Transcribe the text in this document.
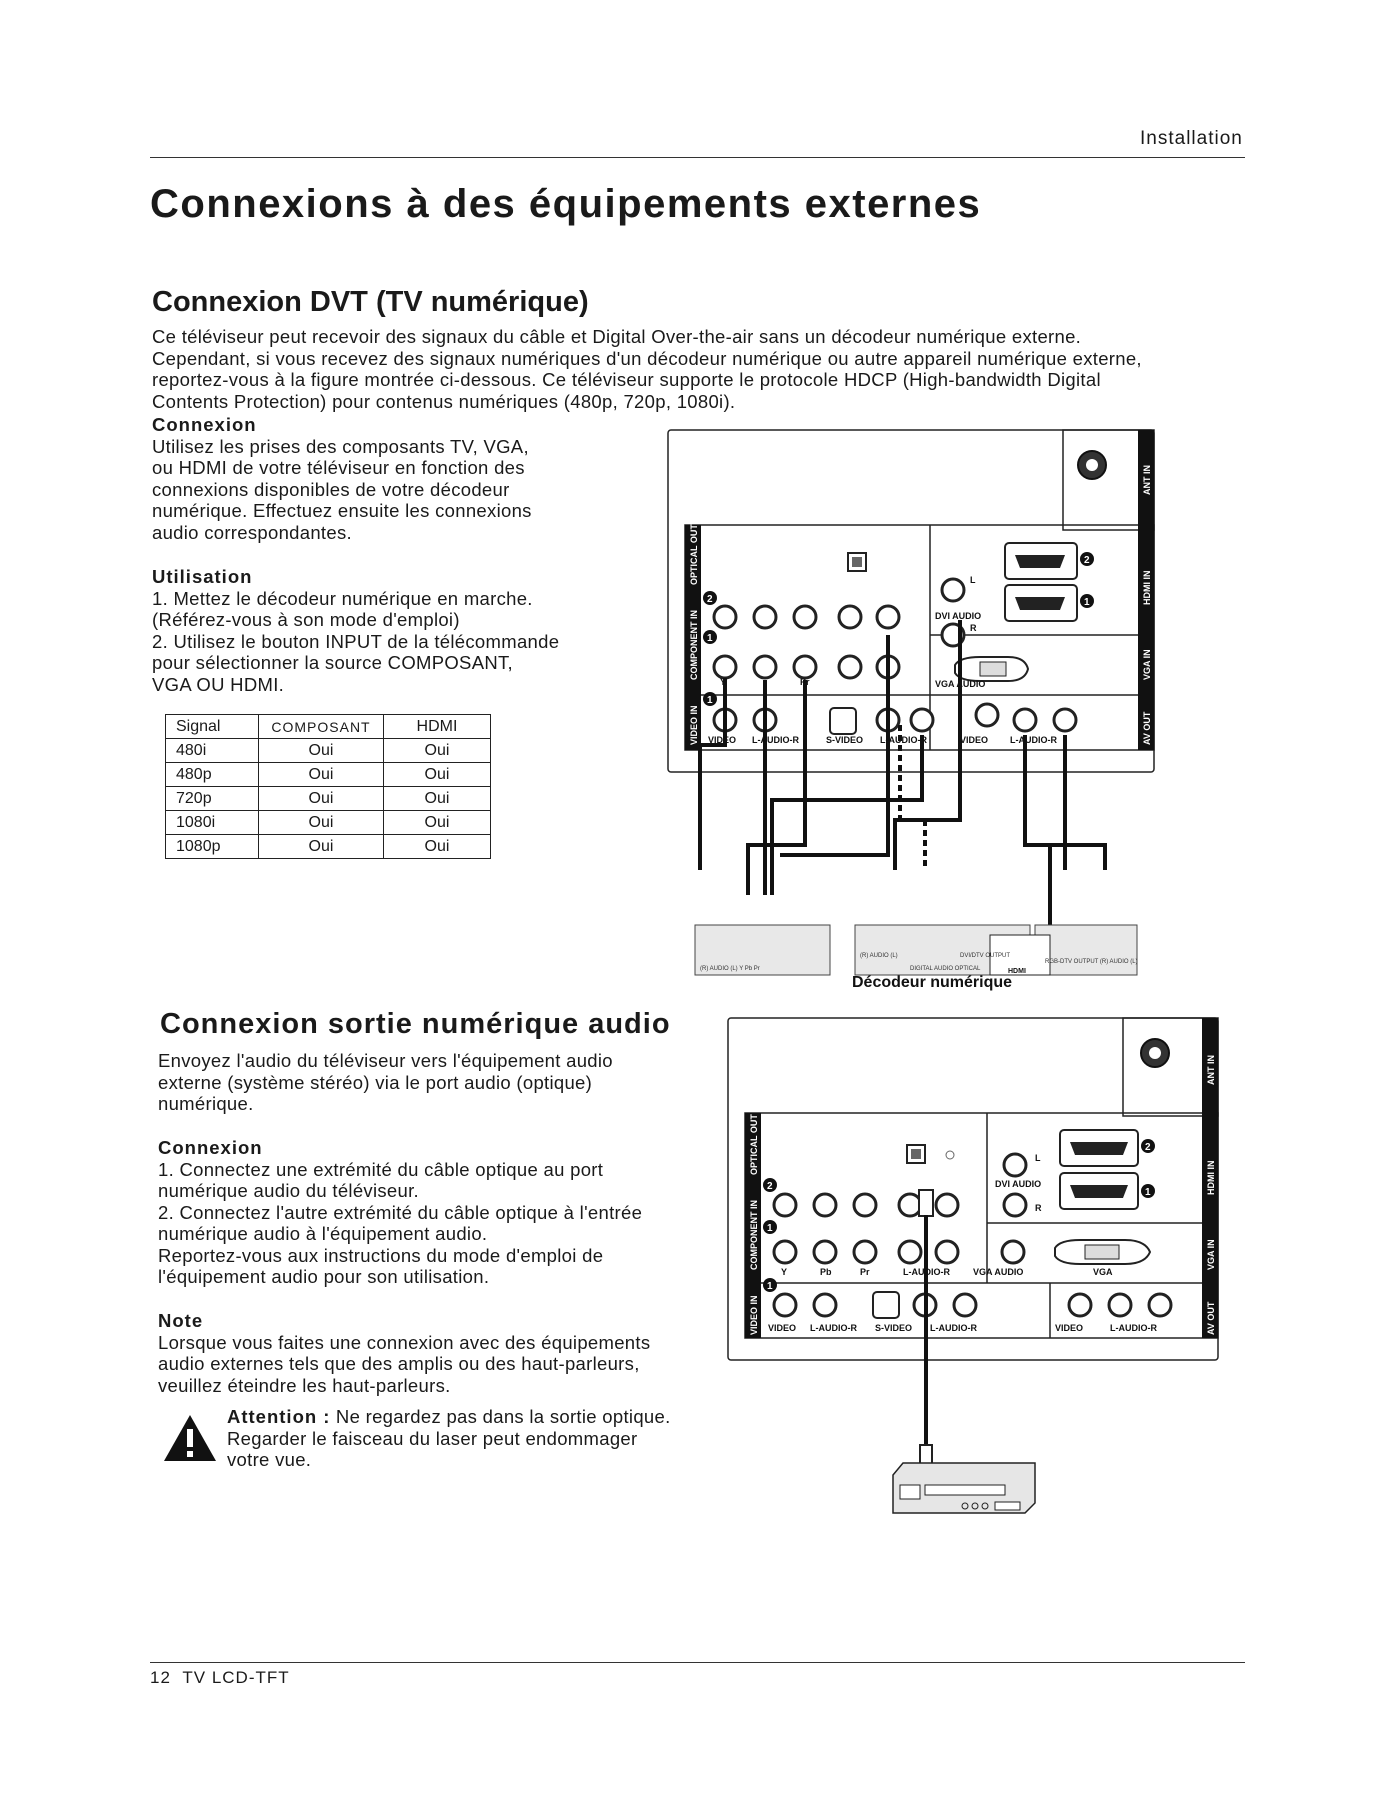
Installation
Connexions à des équipements externes
Connexion DVT (TV numérique)
Ce téléviseur peut recevoir des signaux du câble et Digital Over-the-air sans un décodeur numérique externe.
Cependant, si vous recevez des signaux numériques d'un décodeur numérique ou autre appareil numérique externe,
reportez-vous à la figure montrée ci-dessous. Ce téléviseur supporte le protocole HDCP (High-bandwidth Digital
Contents Protection) pour contenus numériques (480p, 720p, 1080i).
Connexion
Utilisez les prises des composants TV, VGA,
ou HDMI de votre téléviseur en fonction des
connexions disponibles de votre décodeur
numérique. Effectuez ensuite les connexions
audio correspondantes.
Utilisation
1. Mettez le décodeur numérique en marche.
(Référez-vous à son mode d'emploi)
2. Utilisez le bouton INPUT de la télécommande
pour sélectionner la source COMPOSANT,
VGA OU HDMI.
Signal	COMPOSANT	HDMI
480i	Oui	Oui
480p	Oui	Oui
720p	Oui	Oui
1080i	Oui	Oui
1080p	Oui	Oui
OPTICAL OUT
COMPONENT IN
VIDEO IN
ANT IN
HDMI IN
VGA IN
AV OUT
Y	Pr
VIDEO L-AUDIO-R	S-VIDEO L-AUDIO-R	VIDEO L-AUDIO-R
DVI AUDIO
VGA AUDIO
L
R
2
1
1
2
1
(R) AUDIO (L) Y Pb Pr
(R) AUDIO (L)
DIGITAL AUDIO OPTICAL
DVI/DTV OUTPUT
RGB-DTV OUTPUT (R) AUDIO (L)
HDMI
Décodeur numérique
Connexion sortie numérique audio
Envoyez l'audio du téléviseur vers l'équipement audio
externe (système stéréo) via le port audio (optique)
numérique.
Connexion
1. Connectez une extrémité du câble optique au port
numérique audio du téléviseur.
2. Connectez l'autre extrémité du câble optique à l'entrée
numérique audio à l'équipement audio.
Reportez-vous aux instructions du mode d'emploi de
l'équipement audio pour son utilisation.
Note
Lorsque vous faites une connexion avec des équipements
audio externes tels que des amplis ou des haut-parleurs,
veuillez éteindre les haut-parleurs.
Attention : Ne regardez pas dans la sortie optique.
Regarder le faisceau du laser peut endommager
votre vue.
OPTICAL OUT
COMPONENT IN
VIDEO IN
ANT IN
HDMI IN
VGA IN
AV OUT
Y	Pb	Pr	L-AUDIO-R	VGA AUDIO	VGA
VIDEO L-AUDIO-R S-VIDEO L-AUDIO-R	VIDEO	L-AUDIO-R
DVI AUDIO
L
R
2
1
1
2
1
12 TV LCD-TFT
